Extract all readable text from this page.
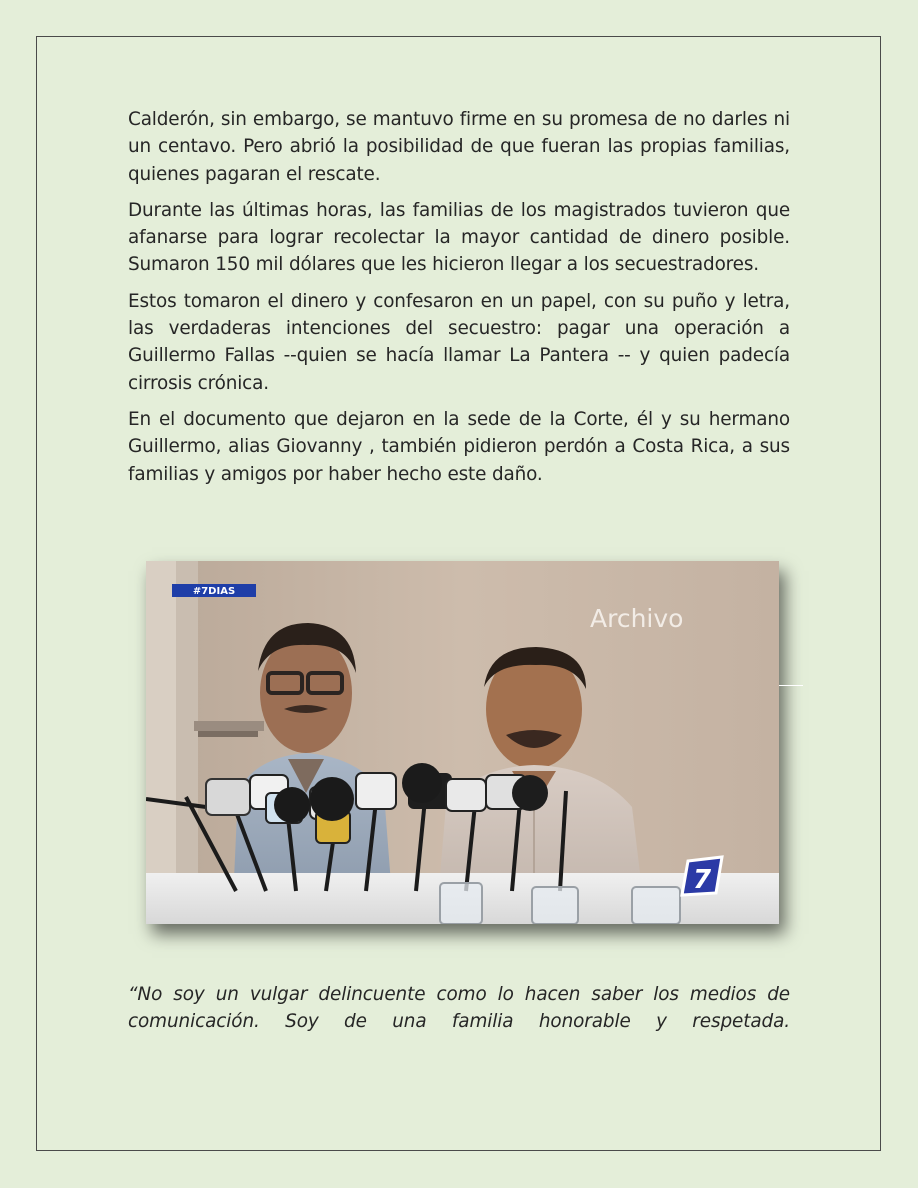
Calderón, sin embargo, se mantuvo firme en su promesa de no darles ni un centavo. Pero abrió la posibilidad de que fueran las propias familias, quienes pagaran el rescate.

Durante las últimas horas, las familias de los magistrados tuvieron que afanarse para lograr recolectar la mayor cantidad de dinero posible. Sumaron 150 mil dólares que les hicieron llegar a los secuestradores.

Estos tomaron el dinero y confesaron en un papel, con su puño y letra, las verdaderas intenciones del secuestro: pagar una operación a Guillermo Fallas --quien se hacía llamar La Pantera -- y quien padecía cirrosis crónica.

En el documento que dejaron en la sede de la Corte, él y su hermano Guillermo, alias Giovanny , también pidieron perdón a Costa Rica, a sus familias y amigos por haber hecho este daño.

#7DIAS
Archivo
7

“No soy un vulgar delincuente como lo hacen saber los medios de comunicación. Soy de una familia honorable y respetada.
